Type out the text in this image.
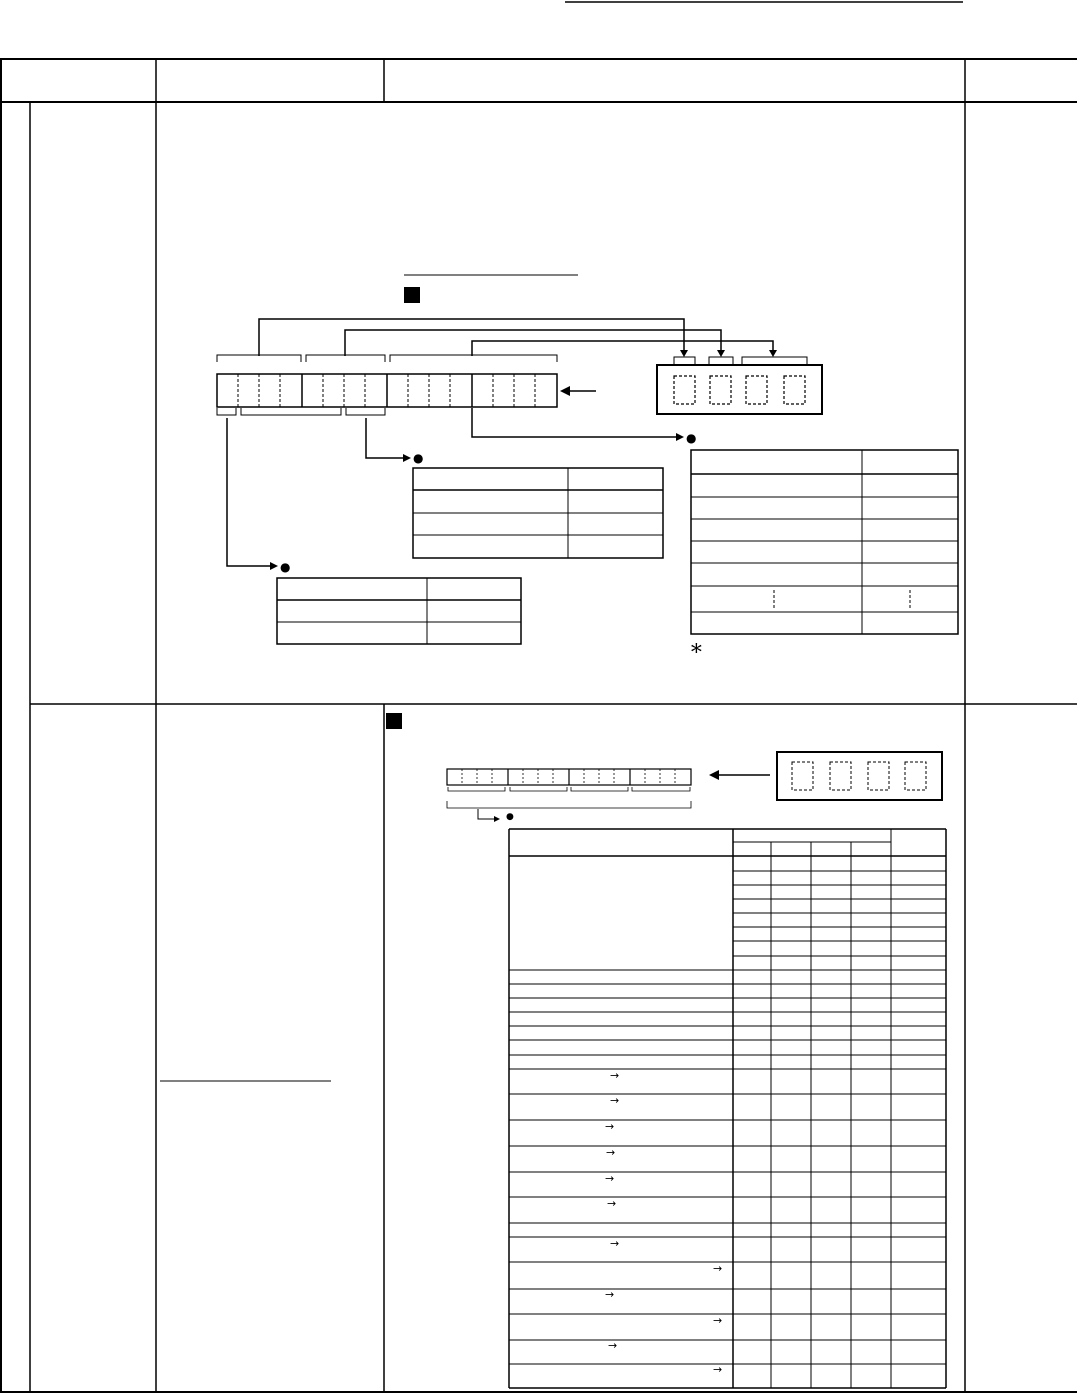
●
●
●
●
∗
→
→
→
→
→
→
→
→
→
→
→
→
